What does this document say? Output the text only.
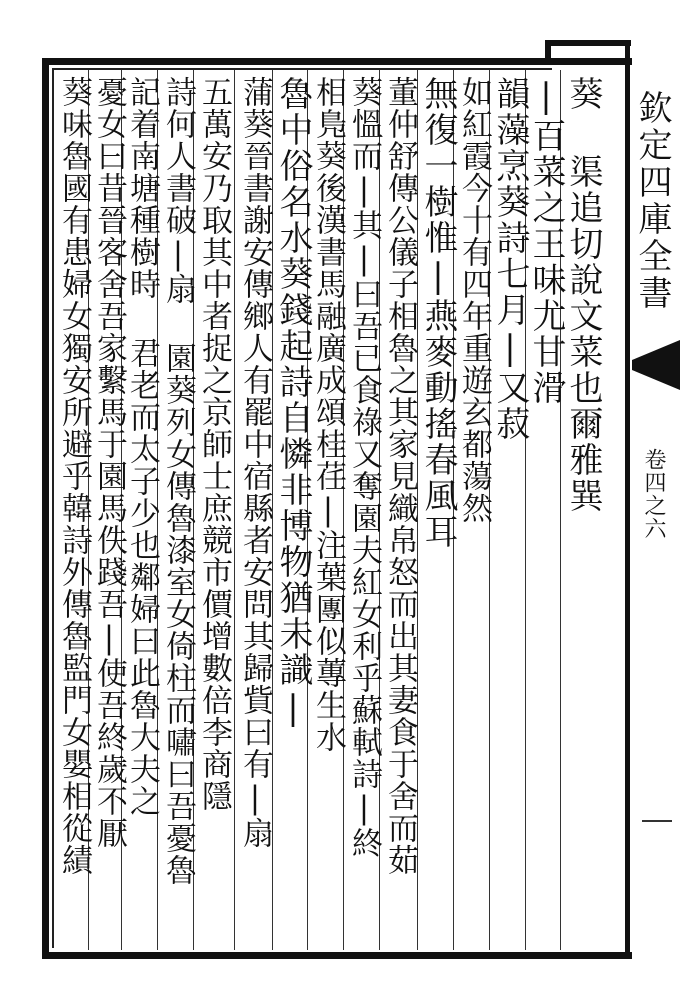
葵 渠追切說文菜也爾雅巽
|百菜之王味尤甘滑
韻藻烹葵詩七月|又菽
如紅霞今十有四年重遊玄都蕩然
無復一樹惟|燕麥動搖春風耳
董仲舒傳公儀子相魯之其家見織帛怒而出其妻食于舍而茹
葵慍而|其|曰吾已食祿又奪園夫紅女利乎蘇軾詩|終
相鳬葵後漢書馬融廣成頌桂荏|注葉團似蓴生水
魯中俗名水葵錢起詩自憐非博物猶未識|
蒲葵晉書謝安傳鄉人有罷中宿縣者安問其歸貲曰有|扇
五萬安乃取其中者捉之京師士庶競市價增數倍李商隱
詩何人書破|扇 園葵列女傳魯漆室女倚柱而嘯曰吾憂魯
記着南塘種樹時 君老而太子少也鄰婦曰此魯大夫之
憂女曰昔晉客舍吾家繫馬于園馬佚踐吾|使吾終歲不厭
葵味魯國有患婦女獨安所避乎韓詩外傳魯監門女嬰相從績	欽定四庫全書
卷四之六
